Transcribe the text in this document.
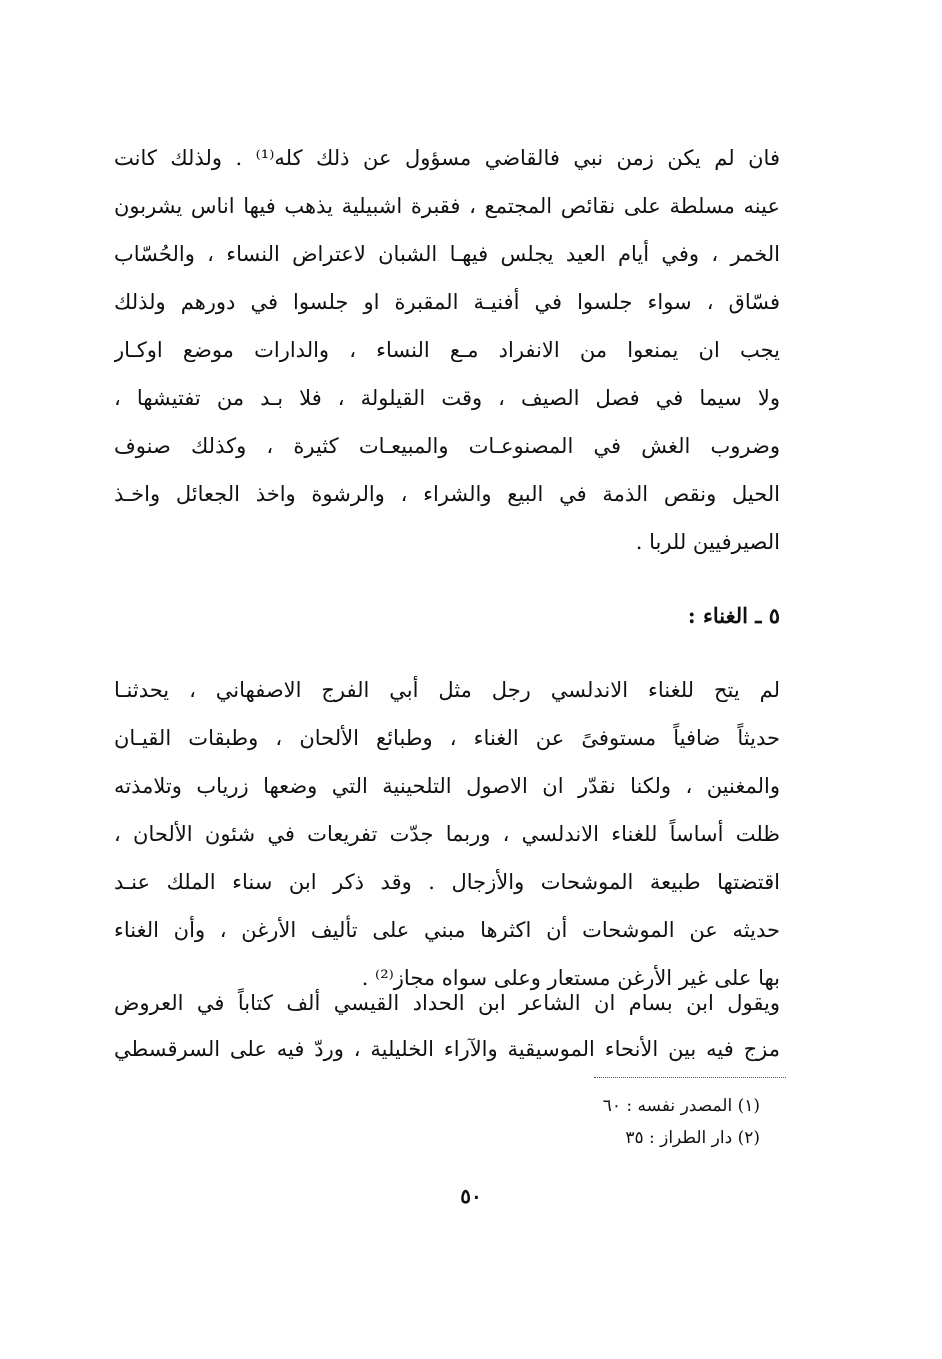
فان لم يكن زمن نبي فالقاضي مسؤول عن ذلك كله⁽¹⁾ . ولذلك كانت
عينه مسلطة على نقائص المجتمع ، فقبرة اشبيلية يذهب فيها اناس يشربون
الخمر ، وفي أيام العيد يجلس فيهـا الشبان لاعتراض النساء ، والحُسّاب
فسّاق ، سواء جلسوا في أفنيـة المقبرة او جلسوا في دورهم ولذلك
يجب ان يمنعوا من الانفراد مـع النساء ، والدارات موضع اوكـار
ولا سيما في فصل الصيف ، وقت القيلولة ، فلا بـد من تفتيشها ،
وضروب الغش في المصنوعـات والمبيعـات كثيرة ، وكذلك صنوف
الحيل ونقص الذمة في البيع والشراء ، والرشوة واخذ الجعائل واخـذ
الصيرفيين للربا .
٥ ـ الغناء :
لم يتح للغناء الاندلسي رجل مثل أبي الفرج الاصفهاني ، يحدثنـا
حديثاً ضافياً مستوفىً عن الغناء ، وطبائع الألحان ، وطبقات القيـان
والمغنين ، ولكنا نقدّر ان الاصول التلحينية التي وضعها زرياب وتلامذته
ظلت أساساً للغناء الاندلسي ، وربما جدّت تفريعات في شئون الألحان ،
اقتضتها طبيعة الموشحات والأزجال . وقد ذكر ابن سناء الملك عنـد
حديثه عن الموشحات أن اكثرها مبني على تأليف الأرغن ، وأن الغناء
بها على غير الأرغن مستعار وعلى سواه مجاز⁽²⁾ .
ويقول ابن بسام ان الشاعر ابن الحداد القيسي ألف كتاباً في العروض
مزج فيه بين الأنحاء الموسيقية والآراء الخليلية ، وردّ فيه على السرقسطي
(١) المصدر نفسه : ٦٠
(٢) دار الطراز : ٣٥
٥٠
